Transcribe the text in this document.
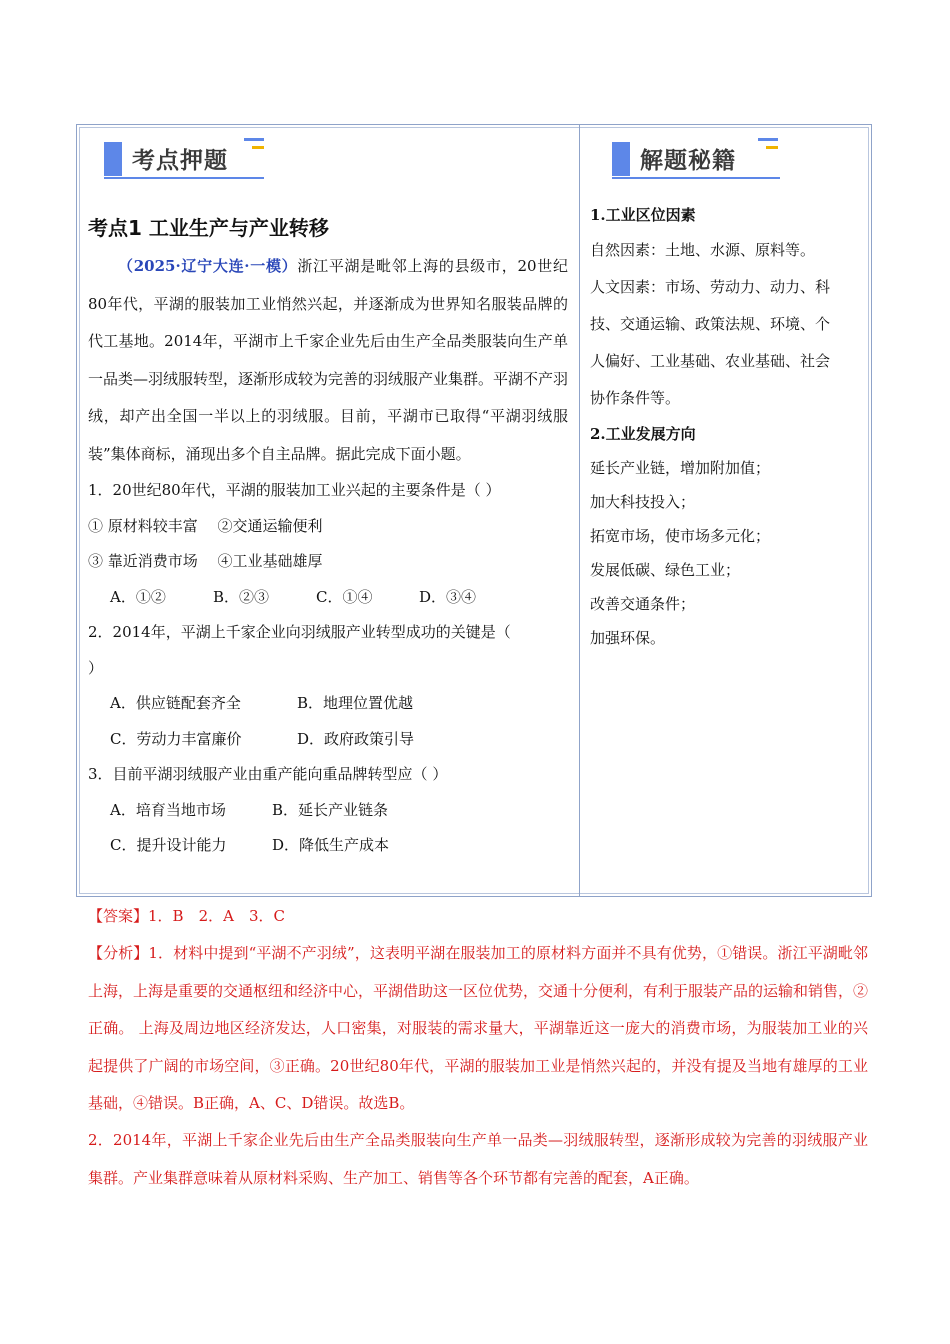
考点押题	解题秘籍
考点1 工业生产与产业转移

（2025·辽宁大连·一模）浙江平湖是毗邻上海的县级市，20世纪80年代，平湖的服装加工业悄然兴起，并逐渐成为世界知名服装品牌的代工基地。2014年，平湖市上千家企业先后由生产全品类服装向生产单一品类—羽绒服转型，逐渐形成较为完善的羽绒服产业集群。平湖不产羽绒，却产出全国一半以上的羽绒服。目前，平湖市已取得“平湖羽绒服装”集体商标，涌现出多个自主品牌。据此完成下面小题。

1．20世纪80年代，平湖的服装加工业兴起的主要条件是（ ）

① 原材料较丰富　 ②交通运输便利

③ 靠近消费市场　 ④工业基础雄厚

A．①②	B．②③	C．①④	D．③④

2．2014年，平湖上千家企业向羽绒服产业转型成功的关键是（

）

A．供应链配套齐全	B．地理位置优越

C．劳动力丰富廉价	D．政府政策引导

3．目前平湖羽绒服产业由重产能向重品牌转型应（ ）

A．培育当地市场	B．延长产业链条

C．提升设计能力	D．降低生产成本

1.工业区位因素

自然因素：土地、水源、原料等。

人文因素：市场、劳动力、动力、科

技、交通运输、政策法规、环境、个

人偏好、工业基础、农业基础、社会

协作条件等。

2.工业发展方向

延长产业链，增加附加值；

加大科技投入；

拓宽市场，使市场多元化；

发展低碳、绿色工业；

改善交通条件；

加强环保。

【答案】1．B　2．A　3．C

【分析】1．材料中提到“平湖不产羽绒”，这表明平湖在服装加工的原材料方面并不具有优势，①错误。浙江平湖毗邻上海，上海是重要的交通枢纽和经济中心，平湖借助这一区位优势，交通十分便利，有利于服装产品的运输和销售，②正确。 上海及周边地区经济发达，人口密集，对服装的需求量大，平湖靠近这一庞大的消费市场，为服装加工业的兴起提供了广阔的市场空间，③正确。20世纪80年代，平湖的服装加工业是悄然兴起的，并没有提及当地有雄厚的工业基础，④错误。B正确，A、C、D错误。故选B。

2．2014年，平湖上千家企业先后由生产全品类服装向生产单一品类—羽绒服转型，逐渐形成较为完善的羽绒服产业集群。产业集群意味着从原材料采购、生产加工、销售等各个环节都有完善的配套，A正确。
